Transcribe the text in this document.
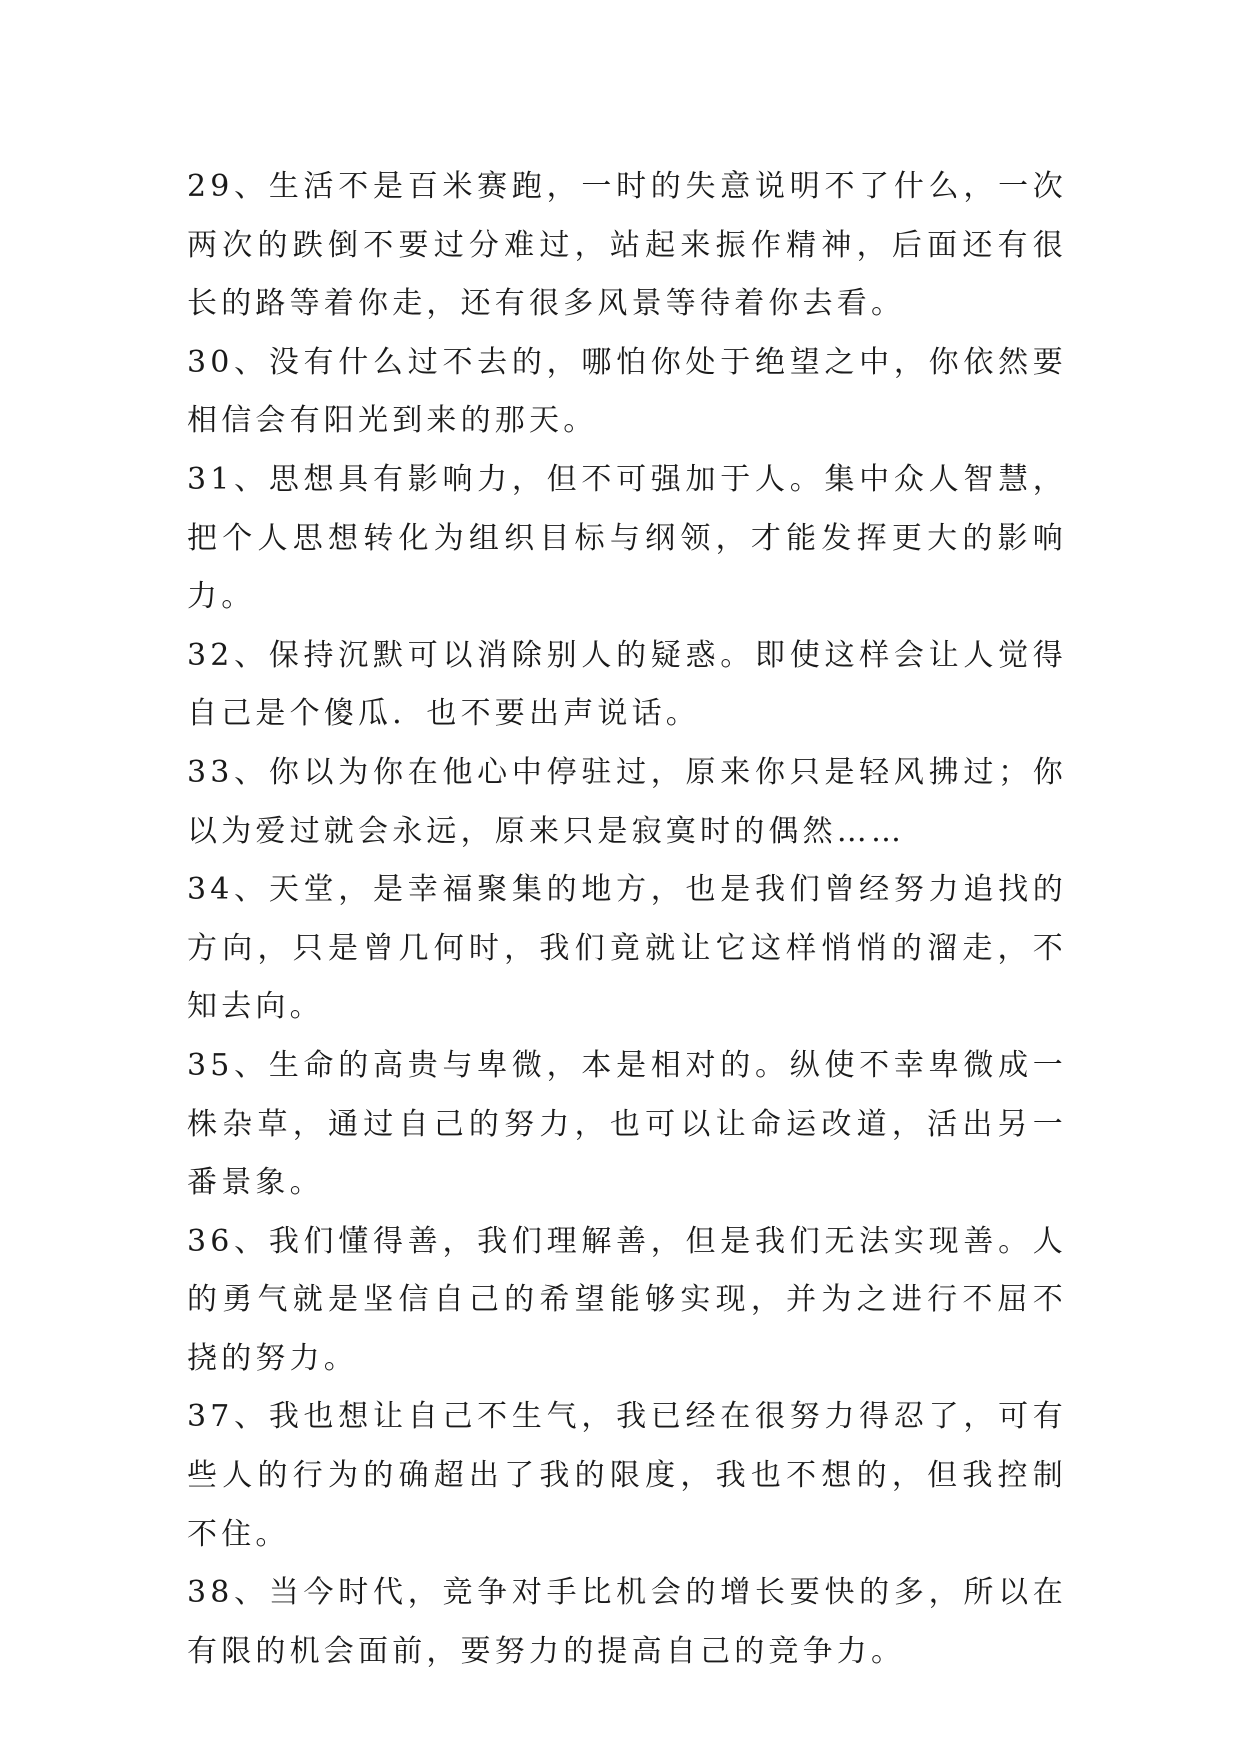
29、生活不是百米赛跑，一时的失意说明不了什么，一次两次的跌倒不要过分难过，站起来振作精神，后面还有很长的路等着你走，还有很多风景等待着你去看。

30、没有什么过不去的，哪怕你处于绝望之中，你依然要相信会有阳光到来的那天。

31、思想具有影响力，但不可强加于人。集中众人智慧，把个人思想转化为组织目标与纲领，才能发挥更大的影响力。

32、保持沉默可以消除别人的疑惑。即使这样会让人觉得自己是个傻瓜．也不要出声说话。

33、你以为你在他心中停驻过，原来你只是轻风拂过；你以为爱过就会永远，原来只是寂寞时的偶然……

34、天堂，是幸福聚集的地方，也是我们曾经努力追找的方向，只是曾几何时，我们竟就让它这样悄悄的溜走，不知去向。

35、生命的高贵与卑微，本是相对的。纵使不幸卑微成一株杂草，通过自己的努力，也可以让命运改道，活出另一番景象。

36、我们懂得善，我们理解善，但是我们无法实现善。人的勇气就是坚信自己的希望能够实现，并为之进行不屈不挠的努力。

37、我也想让自己不生气，我已经在很努力得忍了，可有些人的行为的确超出了我的限度，我也不想的，但我控制不住。

38、当今时代，竞争对手比机会的增长要快的多，所以在有限的机会面前，要努力的提高自己的竞争力。
